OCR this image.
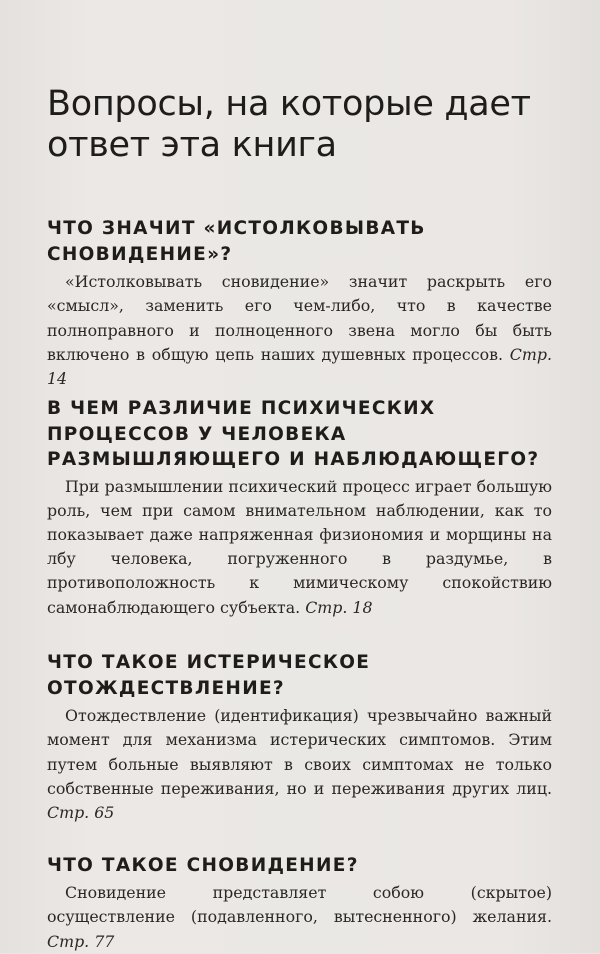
Вопросы, на которые дает ответ эта книга
ЧТО ЗНАЧИТ «ИСТОЛКОВЫВАТЬ СНОВИДЕНИЕ»?

«Истолковывать сновидение» значит раскрыть его «смысл», заменить его чем-либо, что в качестве полноправного и полноценного звена могло бы быть включено в общую цепь наших душевных процессов. Стр. 14

В ЧЕМ РАЗЛИЧИЕ ПСИХИЧЕСКИХ ПРОЦЕССОВ У ЧЕЛОВЕКА РАЗМЫШЛЯЮЩЕГО И НАБЛЮДАЮЩЕГО?

При размышлении психический процесс играет большую роль, чем при самом внимательном наблюдении, как то показывает даже напряженная физиономия и морщины на лбу человека, погруженного в раздумье, в противоположность к мимическому спокойствию самонаблюдающего субъекта. Стр. 18

ЧТО ТАКОЕ ИСТЕРИЧЕСКОЕ ОТОЖДЕСТВЛЕНИЕ?

Отождествление (идентификация) чрезвычайно важный момент для механизма истерических симптомов. Этим путем больные выявляют в своих симптомах не только собственные переживания, но и переживания других лиц. Стр. 65

ЧТО ТАКОЕ СНОВИДЕНИЕ?

Сновидение представляет собою (скрытое) осуществление (подавленного, вытесненного) желания. Стр. 77
